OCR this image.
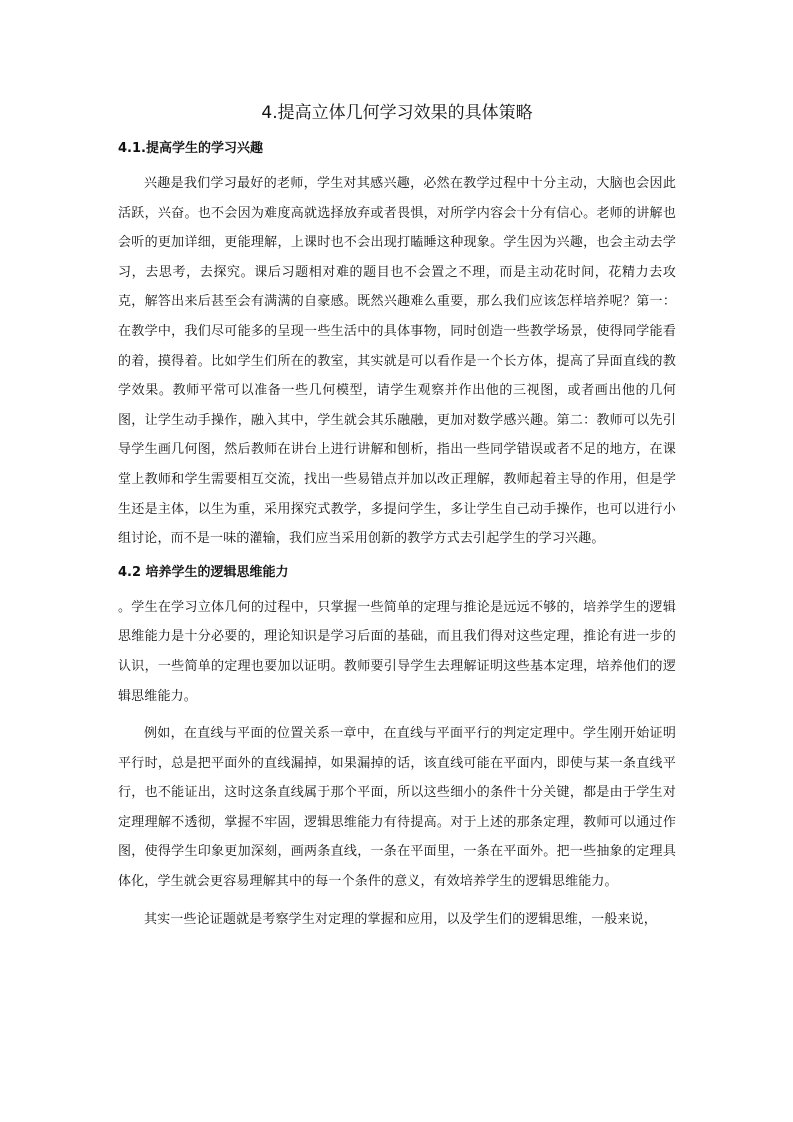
4.提高立体几何学习效果的具体策略
4.1.提高学生的学习兴趣

兴趣是我们学习最好的老师，学生对其感兴趣，必然在教学过程中十分主动，大脑也会因此活跃，兴奋。也不会因为难度高就选择放弃或者畏惧，对所学内容会十分有信心。老师的讲解也会听的更加详细，更能理解，上课时也不会出现打瞌睡这种现象。学生因为兴趣，也会主动去学习，去思考，去探究。课后习题相对难的题目也不会置之不理，而是主动花时间，花精力去攻克，解答出来后甚至会有满满的自豪感。既然兴趣难么重要，那么我们应该怎样培养呢？第一：在教学中，我们尽可能多的呈现一些生活中的具体事物，同时创造一些教学场景，使得同学能看的着，摸得着。比如学生们所在的教室，其实就是可以看作是一个长方体，提高了异面直线的教学效果。教师平常可以准备一些几何模型，请学生观察并作出他的三视图，或者画出他的几何图，让学生动手操作，融入其中，学生就会其乐融融，更加对数学感兴趣。第二：教师可以先引导学生画几何图，然后教师在讲台上进行讲解和刨析，指出一些同学错误或者不足的地方，在课堂上教师和学生需要相互交流，找出一些易错点并加以改正理解，教师起着主导的作用，但是学生还是主体，以生为重，采用探究式教学，多提问学生，多让学生自己动手操作，也可以进行小组讨论，而不是一味的灌输，我们应当采用创新的教学方式去引起学生的学习兴趣。

4.2 培养学生的逻辑思维能力

。学生在学习立体几何的过程中，只掌握一些简单的定理与推论是远远不够的，培养学生的逻辑思维能力是十分必要的，理论知识是学习后面的基础，而且我们得对这些定理，推论有进一步的认识，一些简单的定理也要加以证明。教师要引导学生去理解证明这些基本定理，培养他们的逻辑思维能力。

例如，在直线与平面的位置关系一章中，在直线与平面平行的判定定理中。学生刚开始证明平行时，总是把平面外的直线漏掉，如果漏掉的话，该直线可能在平面内，即使与某一条直线平行，也不能证出，这时这条直线属于那个平面，所以这些细小的条件十分关键，都是由于学生对定理理解不透彻，掌握不牢固，逻辑思维能力有待提高。对于上述的那条定理，教师可以通过作图，使得学生印象更加深刻，画两条直线，一条在平面里，一条在平面外。把一些抽象的定理具体化，学生就会更容易理解其中的每一个条件的意义，有效培养学生的逻辑思维能力。

其实一些论证题就是考察学生对定理的掌握和应用，以及学生们的逻辑思维，一般来说，
